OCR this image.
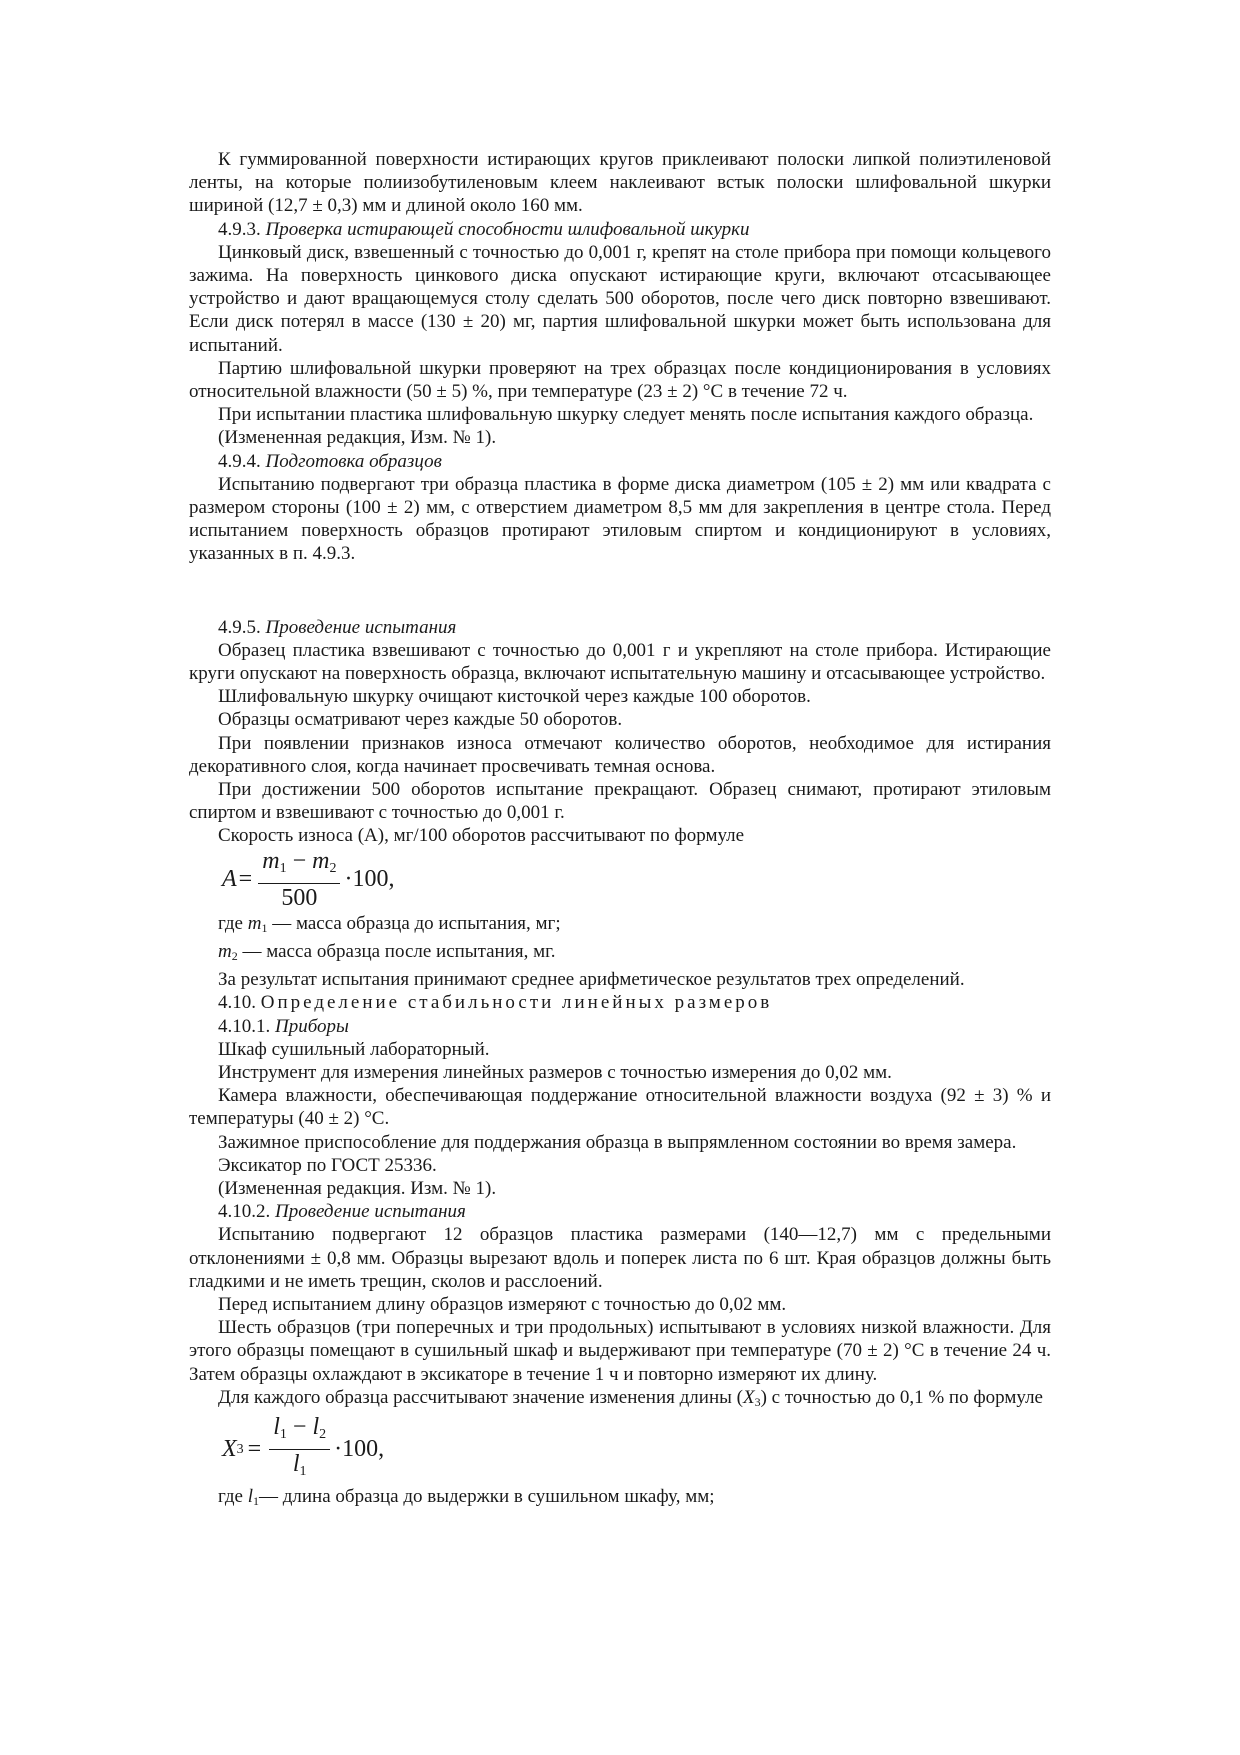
К гуммированной поверхности истирающих кругов приклеивают полоски липкой полиэтиленовой ленты, на которые полиизобутиленовым клеем наклеивают встык полоски шлифовальной шкурки шириной (12,7 ± 0,3) мм и длиной около 160 мм.

4.9.3. Проверка истирающей способности шлифовальной шкурки

Цинковый диск, взвешенный с точностью до 0,001 г, крепят на столе прибора при помощи кольцевого зажима. На поверхность цинкового диска опускают истирающие круги, включают отсасывающее устройство и дают вращающемуся столу сделать 500 оборотов, после чего диск повторно взвешивают. Если диск потерял в массе (130 ± 20) мг, партия шлифовальной шкурки может быть использована для испытаний.

Партию шлифовальной шкурки проверяют на трех образцах после кондиционирования в условиях относительной влажности (50 ± 5) %, при температуре (23 ± 2) °С в течение 72 ч.

При испытании пластика шлифовальную шкурку следует менять после испытания каждого образца.

(Измененная редакция, Изм. № 1).

4.9.4. Подготовка образцов

Испытанию подвергают три образца пластика в форме диска диаметром (105 ± 2) мм или квадрата с размером стороны (100 ± 2) мм, с отверстием диаметром 8,5 мм для закрепления в центре стола. Перед испытанием поверхность образцов протирают этиловым спиртом и кондиционируют в условиях, указанных в п. 4.9.3.

4.9.5. Проведение испытания

Образец пластика взвешивают с точностью до 0,001 г и укрепляют на столе прибора. Истирающие круги опускают на поверхность образца, включают испытательную машину и отсасывающее устройство.

Шлифовальную шкурку очищают кисточкой через каждые 100 оборотов.

Образцы осматривают через каждые 50 оборотов.

При появлении признаков износа отмечают количество оборотов, необходимое для истирания декоративного слоя, когда начинает просвечивать темная основа.

При достижении 500 оборотов испытание прекращают. Образец снимают, протирают этиловым спиртом и взвешивают с точностью до 0,001 г.

Скорость износа (А), мг/100 оборотов рассчитывают по формуле

$A = \frac{m_1 - m_2}{500} \cdot 100$,

где m1 — масса образца до испытания, мг;

m2 — масса образца после испытания, мг.

За результат испытания принимают среднее арифметическое результатов трех определений.

4.10. Определение стабильности линейных размеров

4.10.1. Приборы

Шкаф сушильный лабораторный.

Инструмент для измерения линейных размеров с точностью измерения до 0,02 мм.

Камера влажности, обеспечивающая поддержание относительной влажности воздуха (92 ± 3) % и температуры (40 ± 2) °С.

Зажимное приспособление для поддержания образца в выпрямленном состоянии во время замера.

Эксикатор по ГОСТ 25336.

(Измененная редакция. Изм. № 1).

4.10.2. Проведение испытания

Испытанию подвергают 12 образцов пластика размерами (140—12,7) мм с предельными отклонениями ± 0,8 мм. Образцы вырезают вдоль и поперек листа по 6 шт. Края образцов должны быть гладкими и не иметь трещин, сколов и расслоений.

Перед испытанием длину образцов измеряют с точностью до 0,02 мм.

Шесть образцов (три поперечных и три продольных) испытывают в условиях низкой влажности. Для этого образцы помещают в сушильный шкаф и выдерживают при температуре (70 ± 2) °С в течение 24 ч. Затем образцы охлаждают в эксикаторе в течение 1 ч и повторно измеряют их длину.

Для каждого образца рассчитывают значение изменения длины (X3) с точностью до 0,1 % по формуле

X $3 = \frac{l_1 - l_2}{l_1} \cdot 100$,

где l1— длина образца до выдержки в сушильном шкафу, мм;
